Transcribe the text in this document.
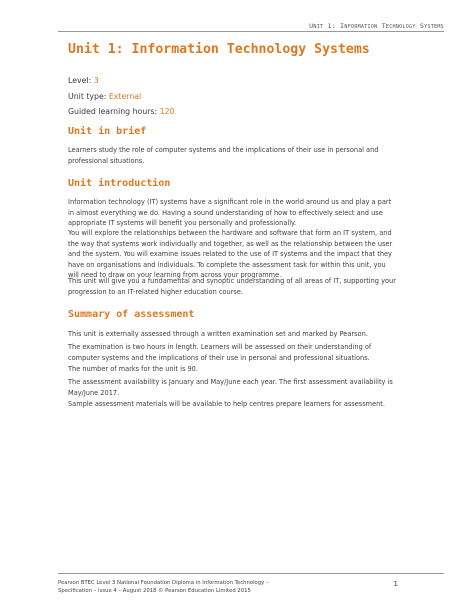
Unit 1: Information Technology Systems
Unit 1: Information Technology Systems
Level: 3
Unit type: External
Guided learning hours: 120
Unit in brief

Learners study the role of computer systems and the implications of their use in personal and professional situations.

Unit introduction

Information technology (IT) systems have a significant role in the world around us and play a part in almost everything we do. Having a sound understanding of how to effectively select and use appropriate IT systems will benefit you personally and professionally.

You will explore the relationships between the hardware and software that form an IT system, and the way that systems work individually and together, as well as the relationship between the user and the system. You will examine issues related to the use of IT systems and the impact that they have on organisations and individuals. To complete the assessment task for within this unit, you will need to draw on your learning from across your programme.

This unit will give you a fundamental and synoptic understanding of all areas of IT, supporting your progression to an IT-related higher education course.

Summary of assessment

This unit is externally assessed through a written examination set and marked by Pearson.

The examination is two hours in length. Learners will be assessed on their understanding of computer systems and the implications of their use in personal and professional situations.

The number of marks for the unit is 90.

The assessment availability is January and May/June each year. The first assessment availability is May/June 2017.

Sample assessment materials will be available to help centres prepare learners for assessment.

Pearson BTEC Level 3 National Foundation Diploma in Information Technology –
Specification – Issue 4 – August 2018 © Pearson Education Limited 2015
1
